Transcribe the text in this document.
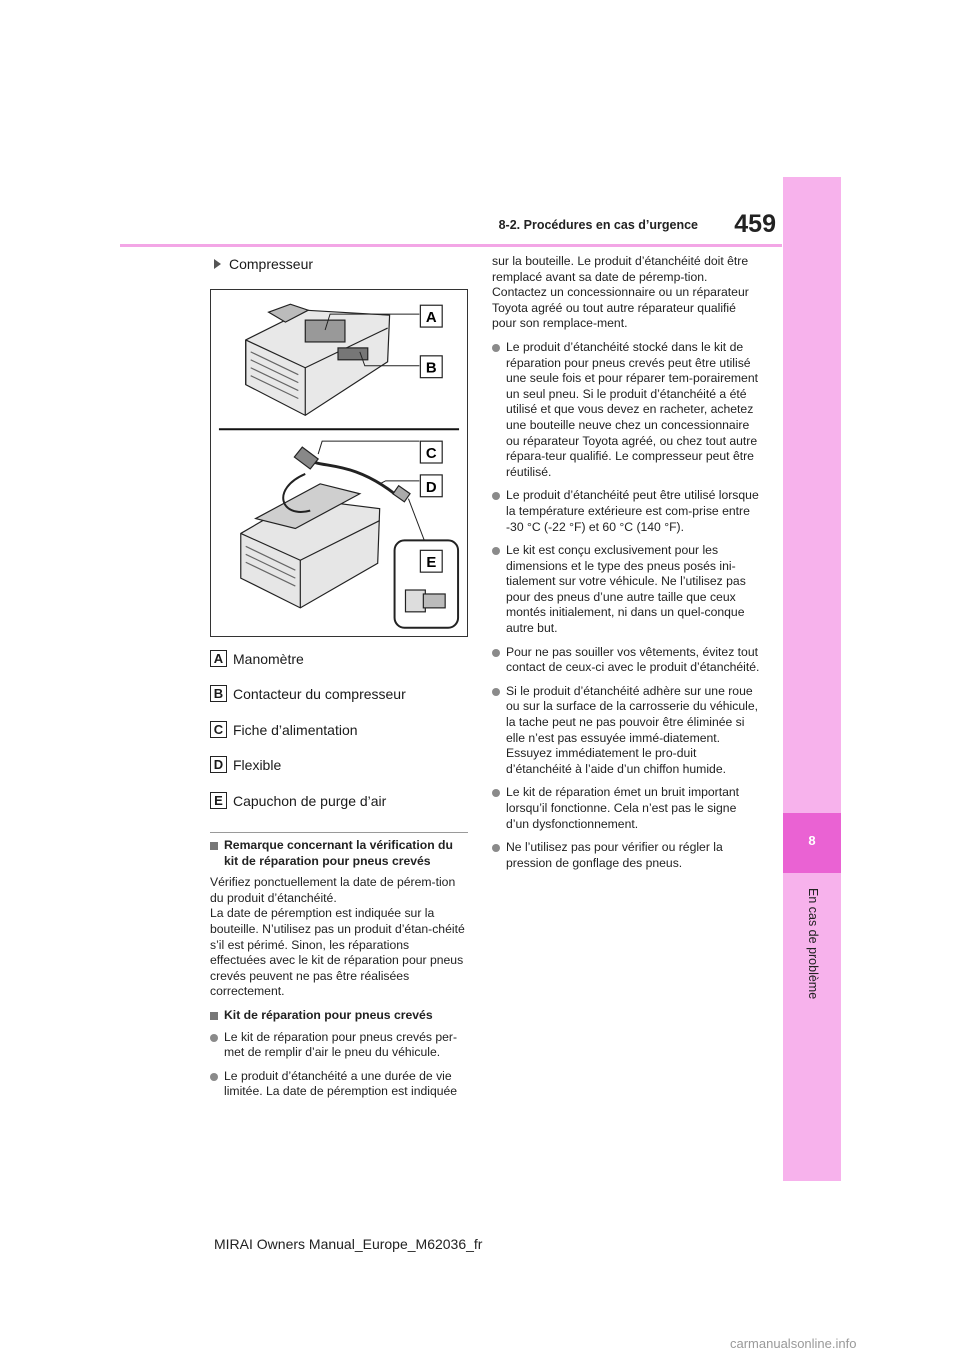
459
8-2. Procédures en cas d’urgence
8
En cas de problème
Compresseur
A
B
C
D
E
A Manomètre
B Contacteur du compresseur
C Fiche d’alimentation
D Flexible
E Capuchon de purge d’air
Remarque concernant la vérification du kit de réparation pour pneus crevés
Vérifiez ponctuellement la date de pérem-tion du produit d’étanchéité.
La date de péremption est indiquée sur la bouteille. N’utilisez pas un produit d’étan-chéité s’il est périmé. Sinon, les réparations effectuées avec le kit de réparation pour pneus crevés peuvent ne pas être réalisées correctement.
Kit de réparation pour pneus crevés
Le kit de réparation pour pneus crevés per-met de remplir d’air le pneu du véhicule.
Le produit d’étanchéité a une durée de vie limitée. La date de péremption est indiquée
sur la bouteille. Le produit d’étanchéité doit être remplacé avant sa date de péremp-tion. Contactez un concessionnaire ou un réparateur Toyota agréé ou tout autre réparateur qualifié pour son remplace-ment.
Le produit d’étanchéité stocké dans le kit de réparation pour pneus crevés peut être utilisé une seule fois et pour réparer tem-porairement un seul pneu. Si le produit d’étanchéité a été utilisé et que vous devez en racheter, achetez une bouteille neuve chez un concessionnaire ou réparateur Toyota agréé, ou chez tout autre répara-teur qualifié. Le compresseur peut être réutilisé.
Le produit d’étanchéité peut être utilisé lorsque la température extérieure est com-prise entre -30 °C (-22 °F) et 60 °C (140 °F).
Le kit est conçu exclusivement pour les dimensions et le type des pneus posés ini-tialement sur votre véhicule. Ne l’utilisez pas pour des pneus d’une autre taille que ceux montés initialement, ni dans un quel-conque autre but.
Pour ne pas souiller vos vêtements, évitez tout contact de ceux-ci avec le produit d’étanchéité.
Si le produit d’étanchéité adhère sur une roue ou sur la surface de la carrosserie du véhicule, la tache peut ne pas pouvoir être éliminée si elle n’est pas essuyée immé-diatement. Essuyez immédiatement le pro-duit d’étanchéité à l’aide d’un chiffon humide.
Le kit de réparation émet un bruit important lorsqu’il fonctionne. Cela n’est pas le signe d’un dysfonctionnement.
Ne l’utilisez pas pour vérifier ou régler la pression de gonflage des pneus.
MIRAI Owners Manual_Europe_M62036_fr
carmanualsonline.info
